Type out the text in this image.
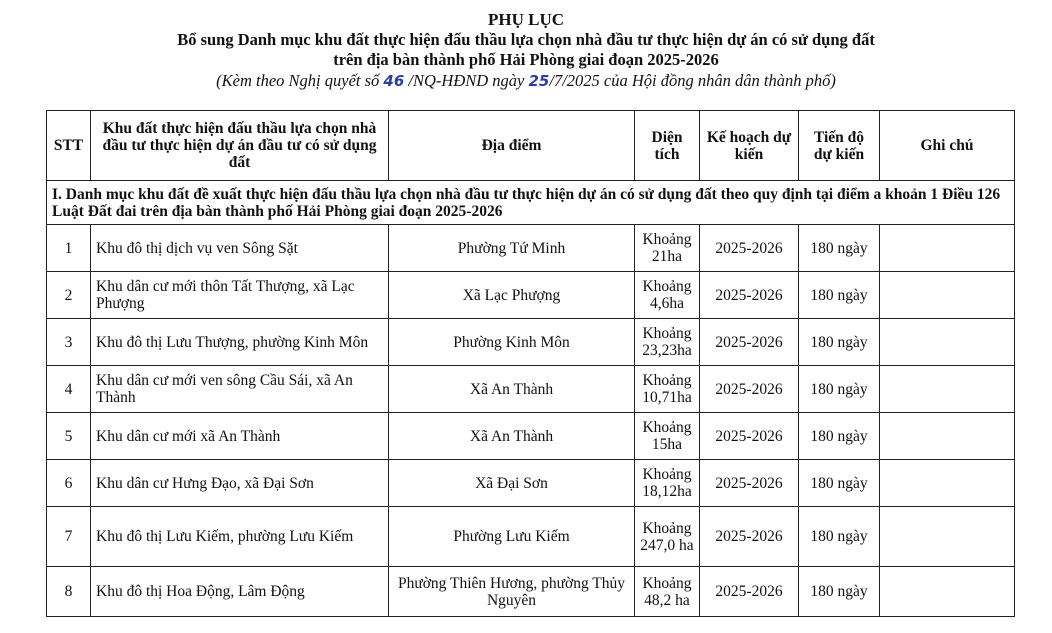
PHỤ LỤC
Bổ sung Danh mục khu đất thực hiện đấu thầu lựa chọn nhà đầu tư thực hiện dự án có sử dụng đất
trên địa bàn thành phố Hải Phòng giai đoạn 2025-2026
(Kèm theo Nghị quyết số 46 /NQ-HĐND ngày 25/7/2025 của Hội đồng nhân dân thành phố)
STT	Khu đất thực hiện đấu thầu lựa chọn nhà đầu tư thực hiện dự án đầu tư có sử dụng đất	Địa điểm	Diện tích	Kế hoạch dự kiến	Tiến độ dự kiến	Ghi chú
I. Danh mục khu đất đề xuất thực hiện đấu thầu lựa chọn nhà đầu tư thực hiện dự án có sử dụng đất theo quy định tại điểm a khoản 1 Điều 126 Luật Đất đai trên địa bàn thành phố Hải Phòng giai đoạn 2025-2026						
1	Khu đô thị dịch vụ ven Sông Sặt	Phường Tứ Minh	Khoảng 21ha	2025-2026	180 ngày	
2	Khu dân cư mới thôn Tất Thượng, xã Lạc Phượng	Xã Lạc Phượng	Khoảng 4,6ha	2025-2026	180 ngày	
3	Khu đô thị Lưu Thượng, phường Kinh Môn	Phường Kinh Môn	Khoảng 23,23ha	2025-2026	180 ngày	
4	Khu dân cư mới ven sông Cầu Sái, xã An Thành	Xã An Thành	Khoảng 10,71ha	2025-2026	180 ngày	
5	Khu dân cư mới xã An Thành	Xã An Thành	Khoảng 15ha	2025-2026	180 ngày	
6	Khu dân cư Hưng Đạo, xã Đại Sơn	Xã Đại Sơn	Khoảng 18,12ha	2025-2026	180 ngày	
7	Khu đô thị Lưu Kiếm, phường Lưu Kiếm	Phường Lưu Kiếm	Khoảng 247,0 ha	2025-2026	180 ngày	
8	Khu đô thị Hoa Động, Lâm Động	Phường Thiên Hương, phường Thủy Nguyên	Khoảng 48,2 ha	2025-2026	180 ngày	
